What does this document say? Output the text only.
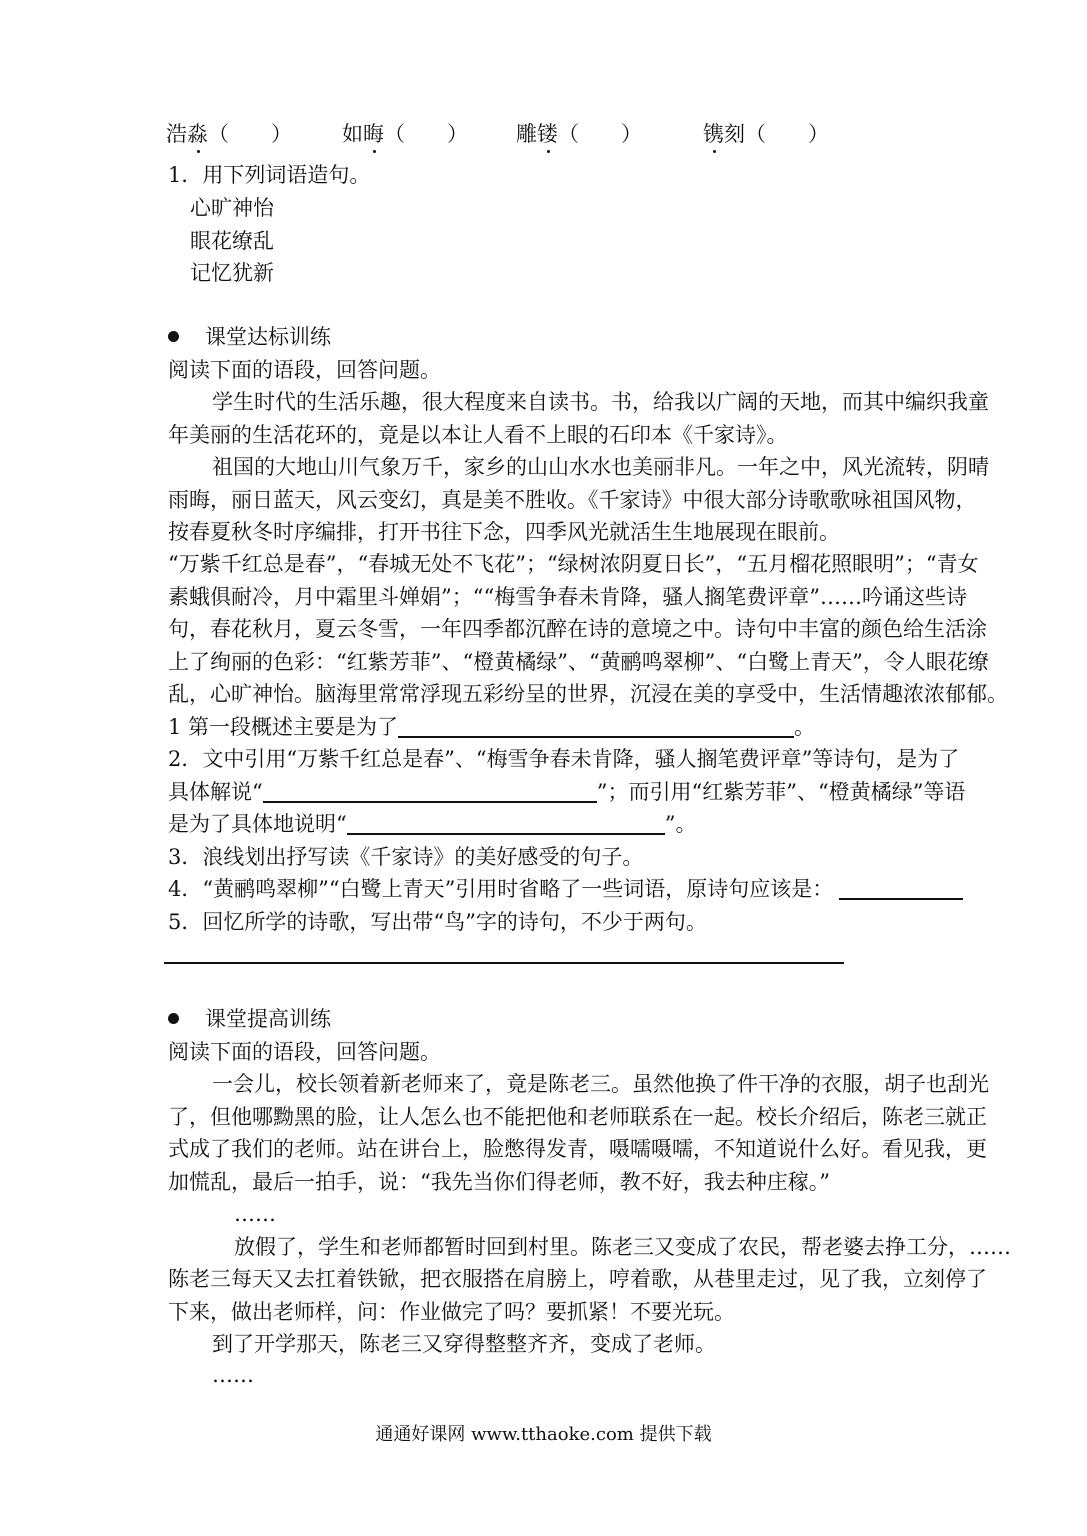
浩淼（　　） 如晦（　　） 雕镂（　　）	镌刻（　　）
1．用下列词语造句。
心旷神怡
眼花缭乱
记忆犹新
课堂达标训练
阅读下面的语段，回答问题。
学生时代的生活乐趣，很大程度来自读书。书，给我以广阔的天地，而其中编织我童
年美丽的生活花环的，竟是以本让人看不上眼的石印本《千家诗》。
祖国的大地山川气象万千，家乡的山山水水也美丽非凡。一年之中，风光流转，阴晴
雨晦，丽日蓝天，风云变幻，真是美不胜收。《千家诗》中很大部分诗歌歌咏祖国风物，
按春夏秋冬时序编排，打开书往下念，四季风光就活生生地展现在眼前。
“万紫千红总是春”，“春城无处不飞花”；“绿树浓阴夏日长”，“五月榴花照眼明”；“青女
素蛾俱耐冷，月中霜里斗婵娟”；““梅雪争春未肯降，骚人搁笔费评章”……吟诵这些诗
句，春花秋月，夏云冬雪，一年四季都沉醉在诗的意境之中。诗句中丰富的颜色给生活涂
上了绚丽的色彩：“红紫芳菲”、“橙黄橘绿”、“黄鹂鸣翠柳”、“白鹭上青天”，令人眼花缭
乱，心旷神怡。脑海里常常浮现五彩纷呈的世界，沉浸在美的享受中，生活情趣浓浓郁郁。
1 第一段概述主要是为了	。
2．文中引用“万紫千红总是春”、“梅雪争春未肯降，骚人搁笔费评章”等诗句，是为了
具体解说“	”；而引用“红紫芳菲”、“橙黄橘绿”等语
是为了具体地说明“	”。
3．浪线划出抒写读《千家诗》的美好感受的句子。
4．“黄鹂鸣翠柳”“白鹭上青天”引用时省略了一些词语，原诗句应该是：
5．回忆所学的诗歌，写出带“鸟”字的诗句，不少于两句。
课堂提高训练
阅读下面的语段，回答问题。
一会儿，校长领着新老师来了，竟是陈老三。虽然他换了件干净的衣服，胡子也刮光
了，但他哪黝黑的脸，让人怎么也不能把他和老师联系在一起。校长介绍后，陈老三就正
式成了我们的老师。站在讲台上，脸憋得发青，嗫嚅嗫嚅，不知道说什么好。看见我，更
加慌乱，最后一拍手，说：“我先当你们得老师，教不好，我去种庄稼。”
……
放假了，学生和老师都暂时回到村里。陈老三又变成了农民，帮老婆去挣工分，……
陈老三每天又去扛着铁锨，把衣服搭在肩膀上，哼着歌，从巷里走过，见了我，立刻停了
下来，做出老师样，问：作业做完了吗？要抓紧！不要光玩。
到了开学那天，陈老三又穿得整整齐齐，变成了老师。
……
通通好课网 www.tthaoke.com 提供下载
